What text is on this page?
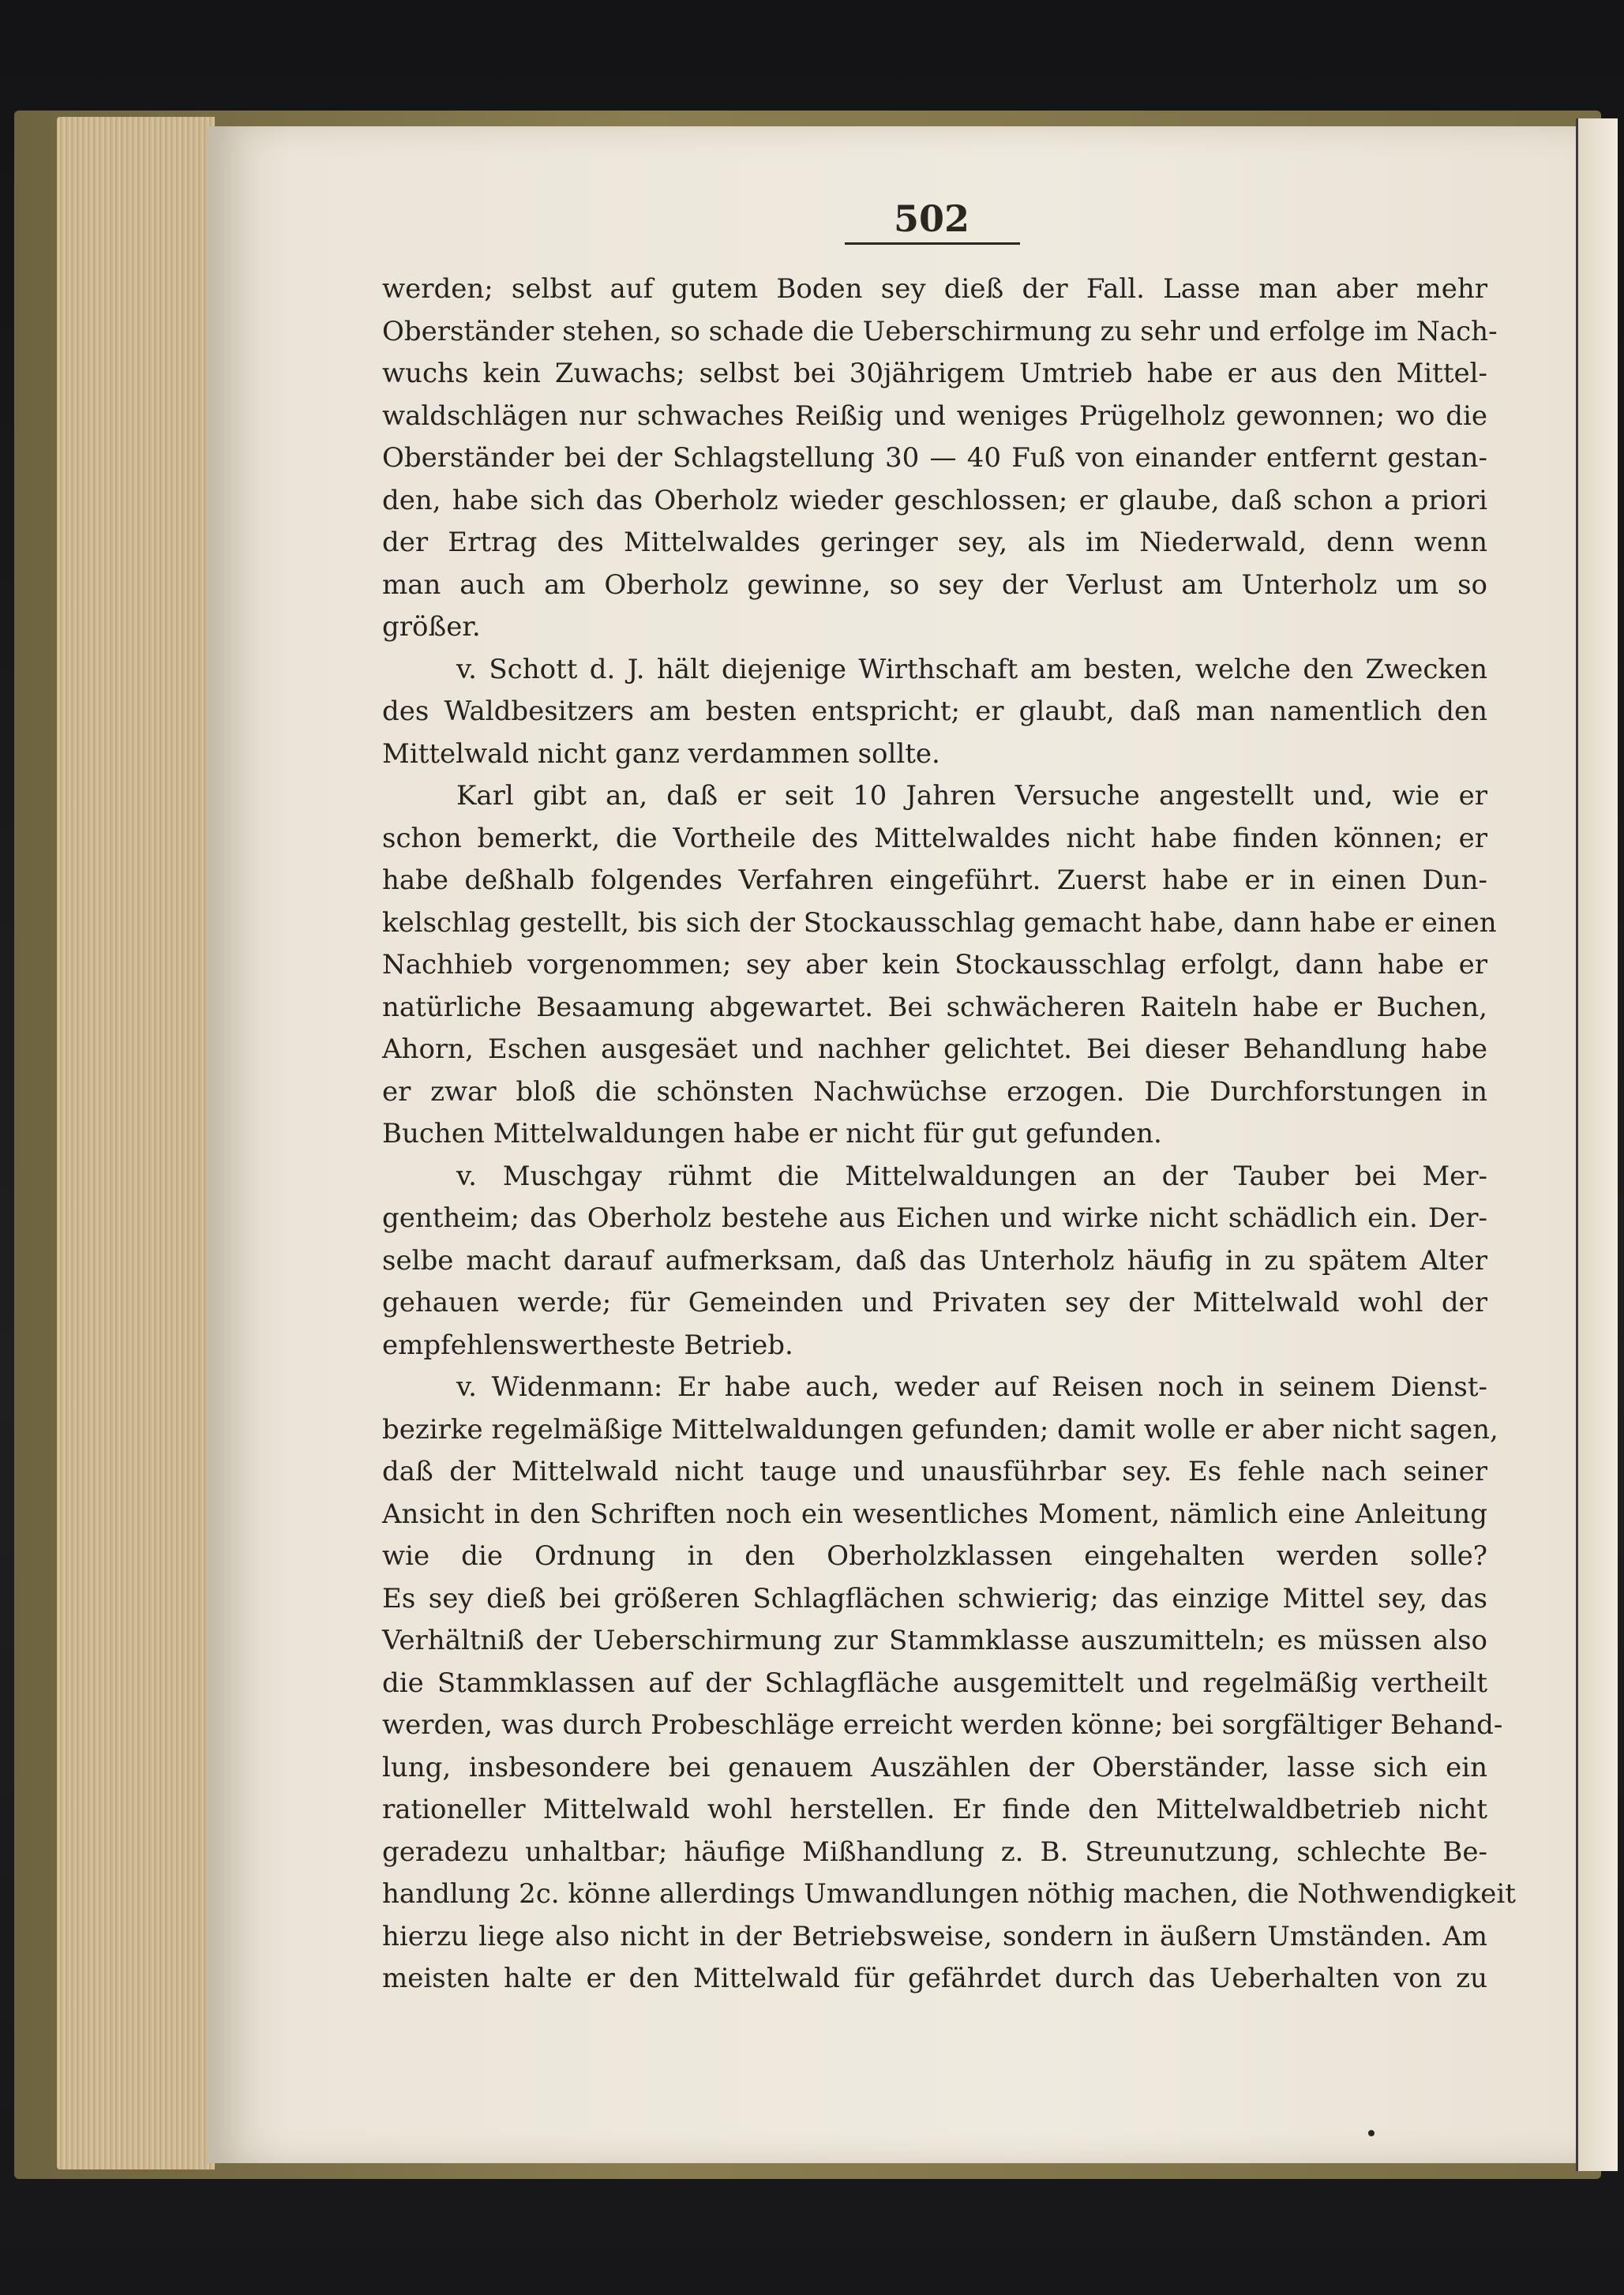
502
werden; selbst auf gutem Boden sey dieß der Fall. Lasse man aber mehr
Oberständer stehen, so schade die Ueberschirmung zu sehr und erfolge im Nach-
wuchs kein Zuwachs; selbst bei 30jährigem Umtrieb habe er aus den Mittel-
waldschlägen nur schwaches Reißig und weniges Prügelholz gewonnen; wo die
Oberständer bei der Schlagstellung 30 — 40 Fuß von einander entfernt gestan-
den, habe sich das Oberholz wieder geschlossen; er glaube, daß schon a priori
der Ertrag des Mittelwaldes geringer sey, als im Niederwald, denn wenn
man auch am Oberholz gewinne, so sey der Verlust am Unterholz um so
größer.
v. Schott d. J. hält diejenige Wirthschaft am besten, welche den Zwecken
des Waldbesitzers am besten entspricht; er glaubt, daß man namentlich den
Mittelwald nicht ganz verdammen sollte.
Karl gibt an, daß er seit 10 Jahren Versuche angestellt und, wie er
schon bemerkt, die Vortheile des Mittelwaldes nicht habe finden können; er
habe deßhalb folgendes Verfahren eingeführt. Zuerst habe er in einen Dun-
kelschlag gestellt, bis sich der Stockausschlag gemacht habe, dann habe er einen
Nachhieb vorgenommen; sey aber kein Stockausschlag erfolgt, dann habe er
natürliche Besaamung abgewartet. Bei schwächeren Raiteln habe er Buchen,
Ahorn, Eschen ausgesäet und nachher gelichtet. Bei dieser Behandlung habe
er zwar bloß die schönsten Nachwüchse erzogen. Die Durchforstungen in
Buchen Mittelwaldungen habe er nicht für gut gefunden.
v. Muschgay rühmt die Mittelwaldungen an der Tauber bei Mer-
gentheim; das Oberholz bestehe aus Eichen und wirke nicht schädlich ein. Der-
selbe macht darauf aufmerksam, daß das Unterholz häufig in zu spätem Alter
gehauen werde; für Gemeinden und Privaten sey der Mittelwald wohl der
empfehlenswertheste Betrieb.
v. Widenmann: Er habe auch, weder auf Reisen noch in seinem Dienst-
bezirke regelmäßige Mittelwaldungen gefunden; damit wolle er aber nicht sagen,
daß der Mittelwald nicht tauge und unausführbar sey. Es fehle nach seiner
Ansicht in den Schriften noch ein wesentliches Moment, nämlich eine Anleitung
wie die Ordnung in den Oberholzklassen eingehalten werden solle?
Es sey dieß bei größeren Schlagflächen schwierig; das einzige Mittel sey, das
Verhältniß der Ueberschirmung zur Stammklasse auszumitteln; es müssen also
die Stammklassen auf der Schlagfläche ausgemittelt und regelmäßig vertheilt
werden, was durch Probeschläge erreicht werden könne; bei sorgfältiger Behand-
lung, insbesondere bei genauem Auszählen der Oberständer, lasse sich ein
rationeller Mittelwald wohl herstellen. Er finde den Mittelwaldbetrieb nicht
geradezu unhaltbar; häufige Mißhandlung z. B. Streunutzung, schlechte Be-
handlung 2c. könne allerdings Umwandlungen nöthig machen, die Nothwendigkeit
hierzu liege also nicht in der Betriebsweise, sondern in äußern Umständen. Am
meisten halte er den Mittelwald für gefährdet durch das Ueberhalten von zu
